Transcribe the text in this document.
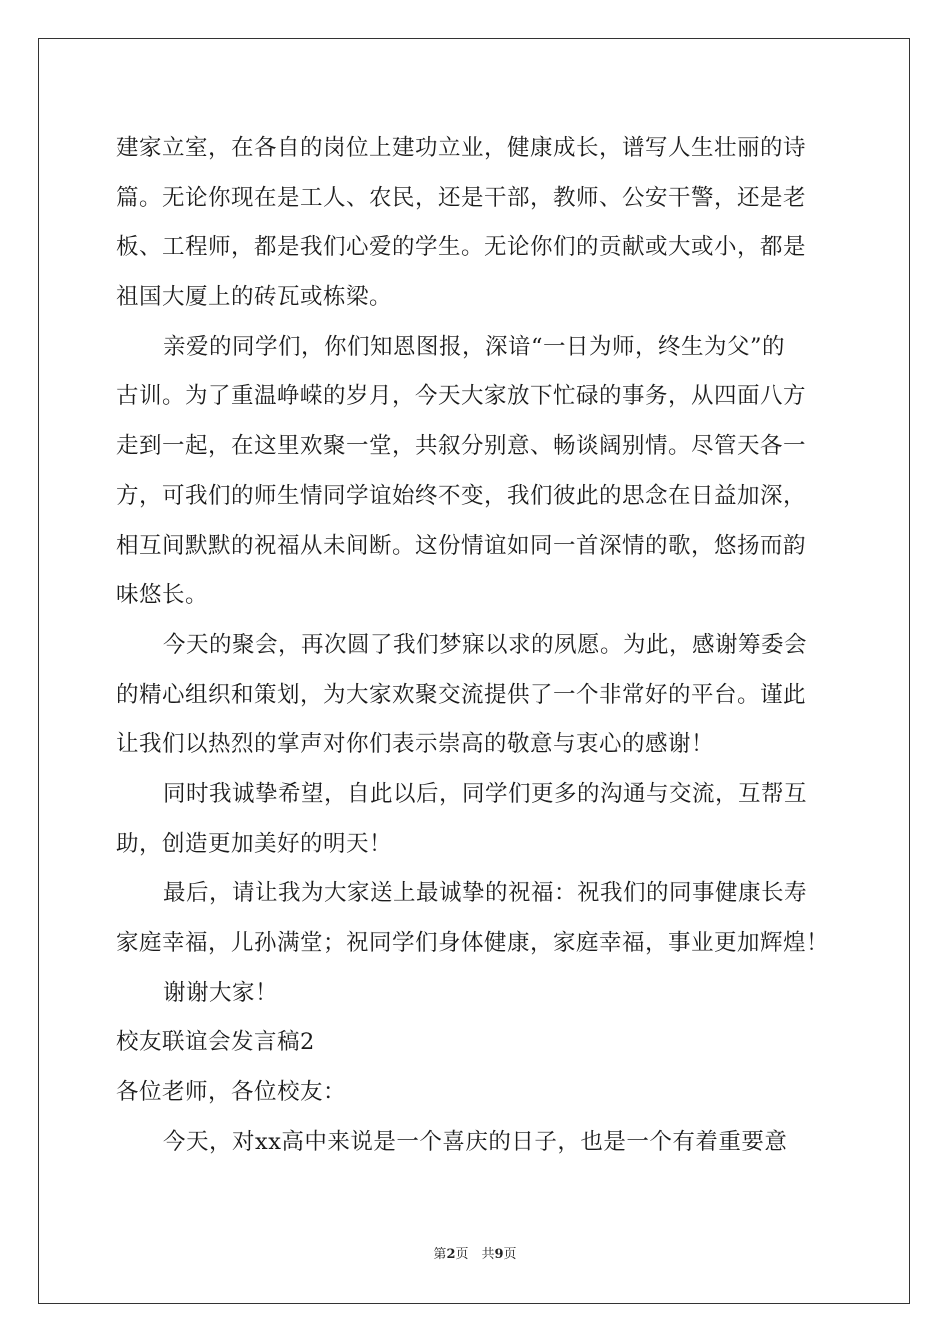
建家立室，在各自的岗位上建功立业，健康成长，谱写人生壮丽的诗
篇。无论你现在是工人、农民，还是干部，教师、公安干警，还是老
板、工程师，都是我们心爱的学生。无论你们的贡献或大或小，都是
祖国大厦上的砖瓦或栋梁。
亲爱的同学们，你们知恩图报，深谙“一日为师，终生为父”的
古训。为了重温峥嵘的岁月，今天大家放下忙碌的事务，从四面八方
走到一起，在这里欢聚一堂，共叙分别意、畅谈阔别情。尽管天各一
方，可我们的师生情同学谊始终不变，我们彼此的思念在日益加深，
相互间默默的祝福从未间断。这份情谊如同一首深情的歌，悠扬而韵
味悠长。
今天的聚会，再次圆了我们梦寐以求的夙愿。为此，感谢筹委会
的精心组织和策划，为大家欢聚交流提供了一个非常好的平台。谨此
让我们以热烈的掌声对你们表示崇高的敬意与衷心的感谢！
同时我诚挚希望，自此以后，同学们更多的沟通与交流，互帮互
助，创造更加美好的明天！
最后，请让我为大家送上最诚挚的祝福：祝我们的同事健康长寿
家庭幸福，儿孙满堂；祝同学们身体健康，家庭幸福，事业更加辉煌！
谢谢大家！
校友联谊会发言稿2
各位老师，各位校友：
今天，对xx高中来说是一个喜庆的日子，也是一个有着重要意
第2页　共9页
